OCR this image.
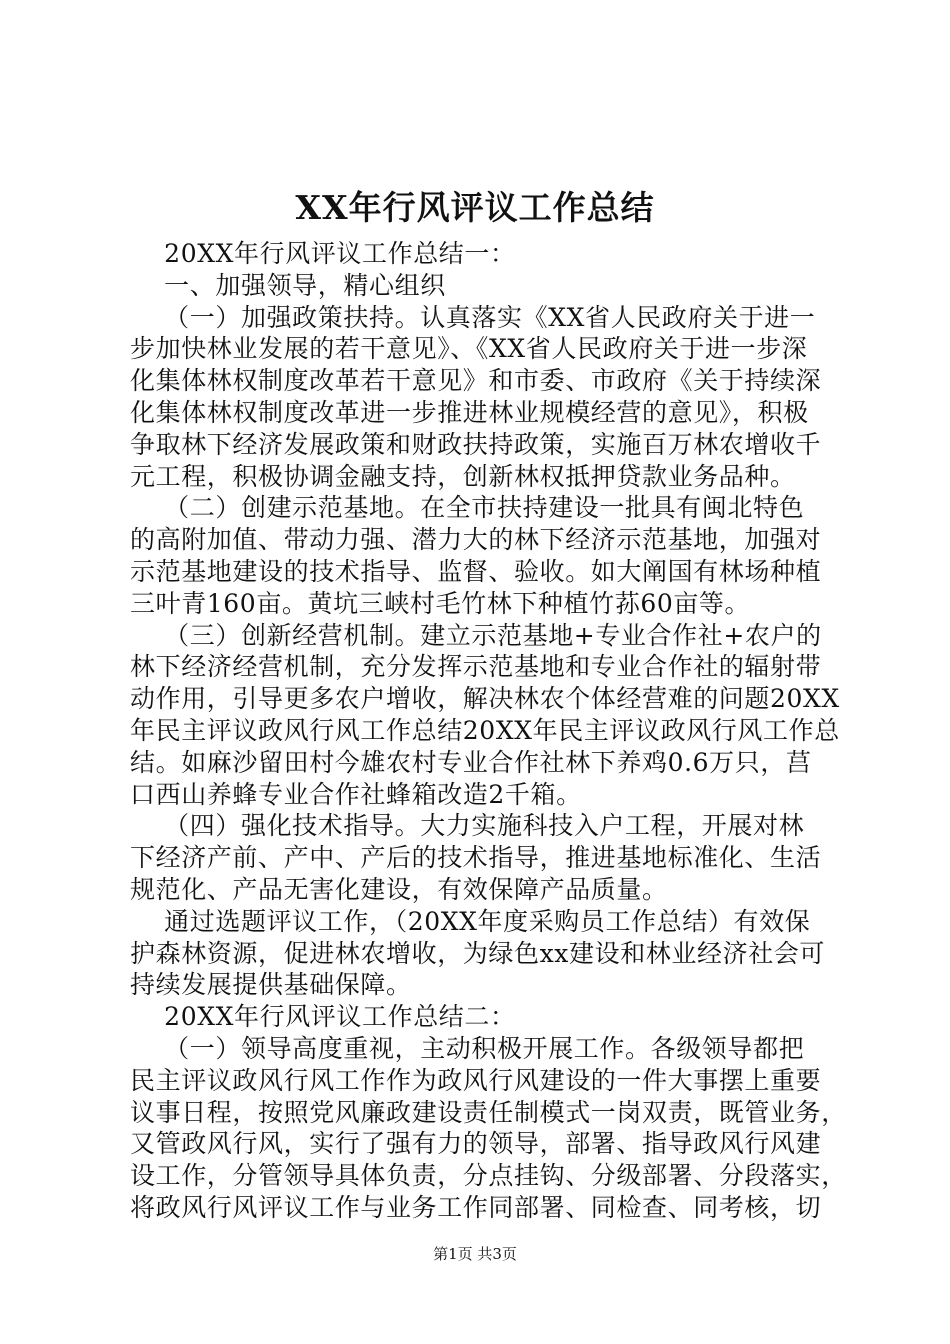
XX年行风评议工作总结
20XX年行风评议工作总结一：
一、加强领导，精心组织
（一）加强政策扶持。认真落实《XX省人民政府关于进一
步加快林业发展的若干意见》、《XX省人民政府关于进一步深
化集体林权制度改革若干意见》和市委、市政府《关于持续深
化集体林权制度改革进一步推进林业规模经营的意见》，积极
争取林下经济发展政策和财政扶持政策，实施百万林农增收千
元工程，积极协调金融支持，创新林权抵押贷款业务品种。
（二）创建示范基地。在全市扶持建设一批具有闽北特色
的高附加值、带动力强、潜力大的林下经济示范基地，加强对
示范基地建设的技术指导、监督、验收。如大阐国有林场种植
三叶青160亩。黄坑三峡村毛竹林下种植竹荪60亩等。
（三）创新经营机制。建立示范基地+专业合作社+农户的
林下经济经营机制，充分发挥示范基地和专业合作社的辐射带
动作用，引导更多农户增收，解决林农个体经营难的问题20XX
年民主评议政风行风工作总结20XX年民主评议政风行风工作总
结。如麻沙留田村今雄农村专业合作社林下养鸡0.6万只，莒
口西山养蜂专业合作社蜂箱改造2千箱。
（四）强化技术指导。大力实施科技入户工程，开展对林
下经济产前、产中、产后的技术指导，推进基地标准化、生活
规范化、产品无害化建设，有效保障产品质量。
通过选题评议工作，（20XX年度采购员工作总结）有效保
护森林资源，促进林农增收，为绿色xx建设和林业经济社会可
持续发展提供基础保障。
20XX年行风评议工作总结二：
（一）领导高度重视，主动积极开展工作。各级领导都把
民主评议政风行风工作作为政风行风建设的一件大事摆上重要
议事日程，按照党风廉政建设责任制模式一岗双责，既管业务，
又管政风行风，实行了强有力的领导，部署、指导政风行风建
设工作，分管领导具体负责，分点挂钩、分级部署、分段落实，
将政风行风评议工作与业务工作同部署、同检查、同考核，切
第1页 共3页
